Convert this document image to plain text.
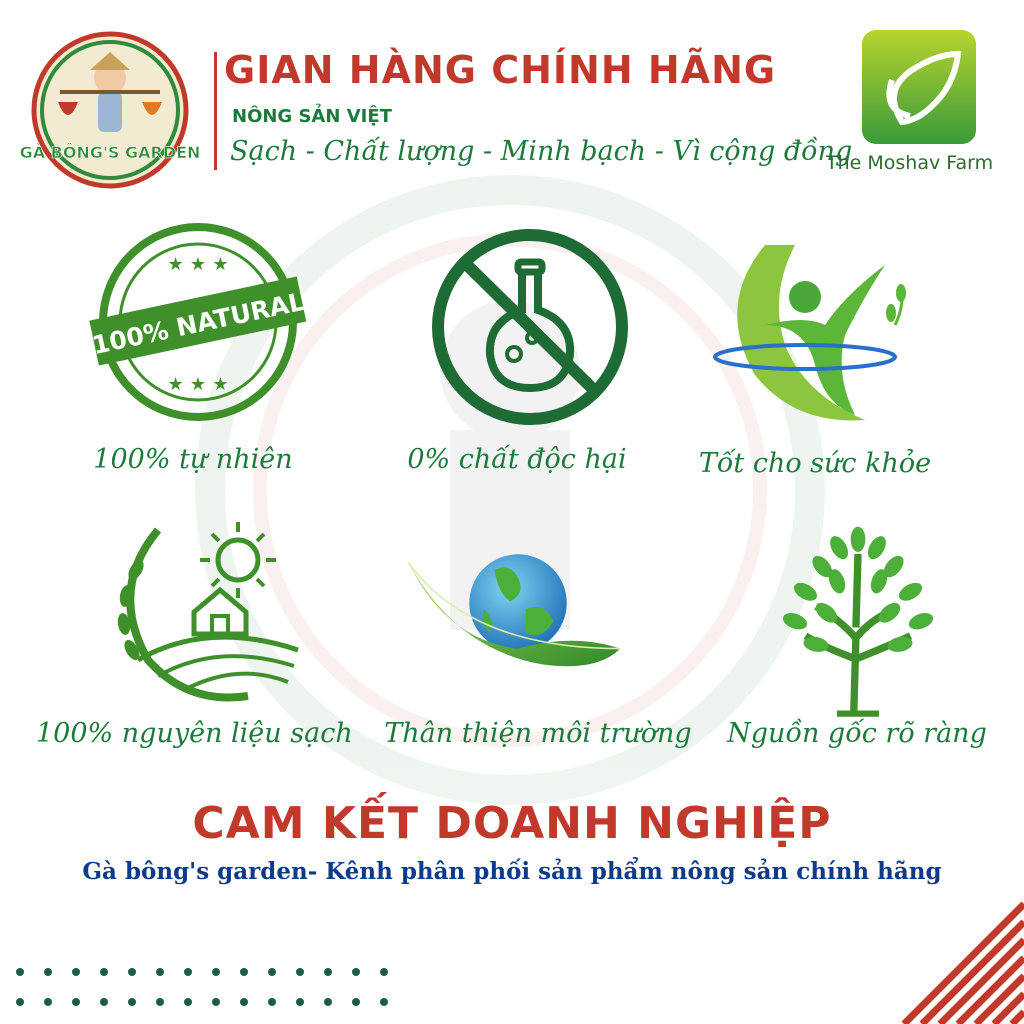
GÀ BÔNG'S GARDEN
GIAN HÀNG CHÍNH HÃNG
NÔNG SẢN VIỆT
Sạch - Chất lượng - Minh bạch - Vì cộng đồng
The Moshav Farm
★ ★ ★
★ ★ ★
100% NATURAL
100% tự nhiên	0% chất độc hại	Tốt cho sức khỏe
100% nguyên liệu sạch Thân thiện môi trường Nguồn gốc rõ ràng
CAM KẾT DOANH NGHIỆP
Gà bông's garden- Kênh phân phối sản phẩm nông sản chính hãng
